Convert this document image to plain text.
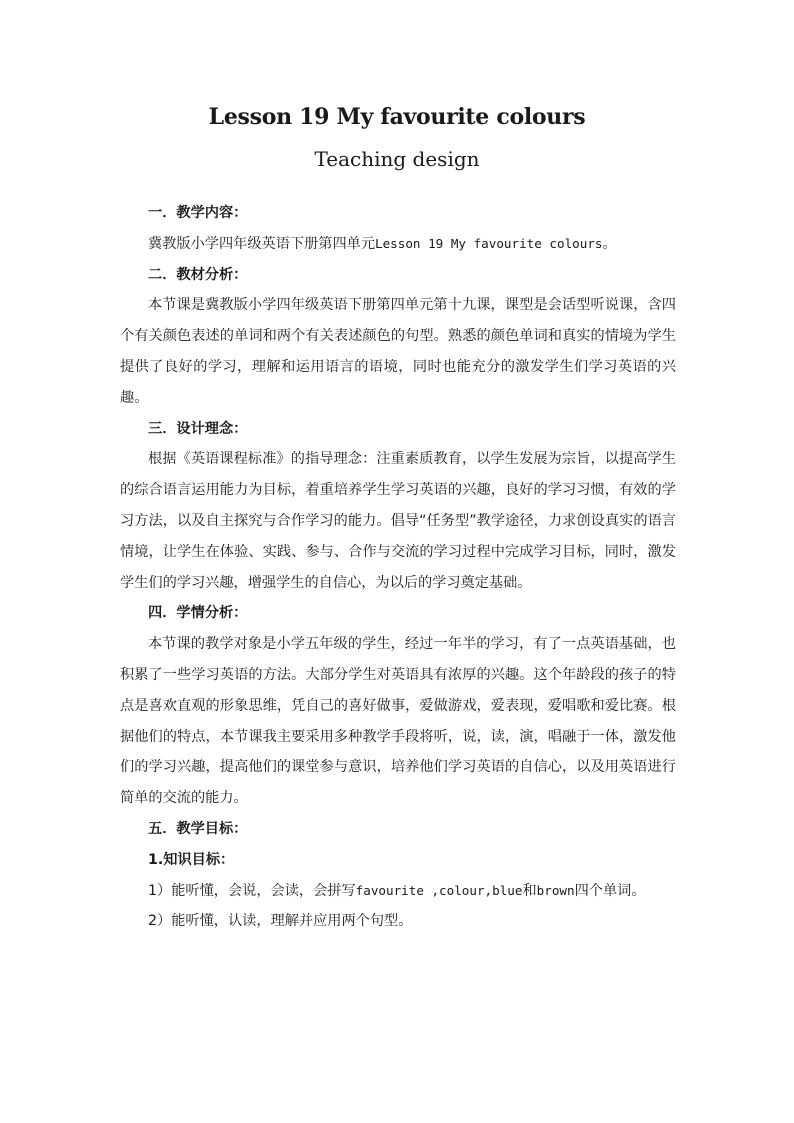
Lesson 19 My favourite colours
Teaching design

一．教学内容：

冀教版小学四年级英语下册第四单元Lesson 19 My favourite colours。

二．教材分析：

本节课是冀教版小学四年级英语下册第四单元第十九课，课型是会话型听说课，含四个有关颜色表述的单词和两个有关表述颜色的句型。熟悉的颜色单词和真实的情境为学生提供了良好的学习，理解和运用语言的语境，同时也能充分的激发学生们学习英语的兴趣。

三．设计理念：

根据《英语课程标准》的指导理念：注重素质教育，以学生发展为宗旨，以提高学生的综合语言运用能力为目标，着重培养学生学习英语的兴趣，良好的学习习惯，有效的学习方法，以及自主探究与合作学习的能力。倡导“任务型”教学途径，力求创设真实的语言情境，让学生在体验、实践、参与、合作与交流的学习过程中完成学习目标，同时，激发学生们的学习兴趣，增强学生的自信心，为以后的学习奠定基础。

四．学情分析：

本节课的教学对象是小学五年级的学生，经过一年半的学习，有了一点英语基础，也积累了一些学习英语的方法。大部分学生对英语具有浓厚的兴趣。这个年龄段的孩子的特点是喜欢直观的形象思维，凭自己的喜好做事，爱做游戏，爱表现，爱唱歌和爱比赛。根据他们的特点，本节课我主要采用多种教学手段将听，说，读，演，唱融于一体，激发他们的学习兴趣，提高他们的课堂参与意识，培养他们学习英语的自信心，以及用英语进行简单的交流的能力。

五．教学目标：

1.知识目标：

1）能听懂，会说，会读，会拼写favourite ,colour,blue和brown四个单词。

2）能听懂，认读，理解并应用两个句型。
